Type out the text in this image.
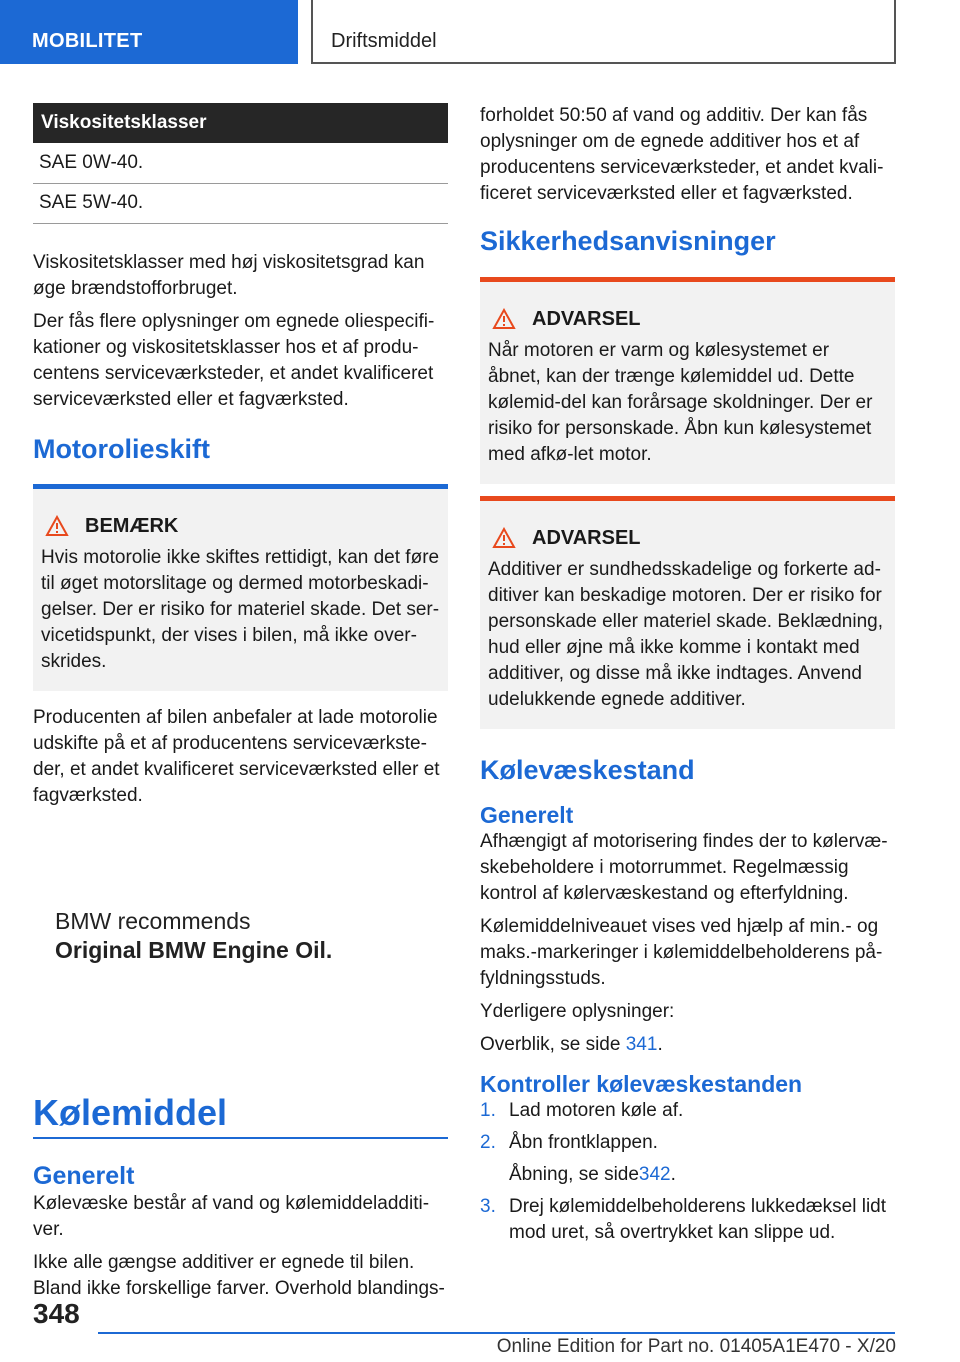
MOBILITET	Driftsmiddel
Viskositetsklasser
SAE 0W-40.
SAE 5W-40.

Viskositetsklasser med høj viskositetsgrad kan øge brændstofforbruget.

Der fås flere oplysninger om egnede oliespecifi-kationer og viskositetsklasser hos et af produ-centens serviceværksteder, et andet kvalificeret serviceværksted eller et fagværksted.

Motorolieskift
BEMÆRK
Hvis motorolie ikke skiftes rettidigt, kan det føre til øget motorslitage og dermed motorbeskadi-gelser. Der er risiko for materiel skade. Det ser-vicetidspunkt, der vises i bilen, må ikke over-skrides.

Producenten af bilen anbefaler at lade motorolie udskifte på et af producentens serviceværkste-der, et andet kvalificeret serviceværksted eller et fagværksted.

BMW recommends
Original BMW Engine Oil.
Kølemiddel
Generelt

Kølevæske består af vand og kølemiddeladditi-ver.

Ikke alle gængse additiver er egnede til bilen. Bland ikke forskellige farver. Overhold blandings-

forholdet 50:50 af vand og additiv. Der kan fås oplysninger om de egnede additiver hos et af producentens serviceværksteder, et andet kvali-ficeret serviceværksted eller et fagværksted.

Sikkerhedsanvisninger
ADVARSEL
Når motoren er varm og kølesystemet er åbnet, kan der trænge kølemiddel ud. Dette kølemid-del kan forårsage skoldninger. Der er risiko for personskade. Åbn kun kølesystemet med afkø-let motor.
ADVARSEL
Additiver er sundhedsskadelige og forkerte ad-ditiver kan beskadige motoren. Der er risiko for personskade eller materiel skade. Beklædning, hud eller øjne må ikke komme i kontakt med additiver, og disse må ikke indtages. Anvend udelukkende egnede additiver.
Kølevæskestand
Generelt

Afhængigt af motorisering findes der to kølervæ-skebeholdere i motorrummet. Regelmæssig kontrol af kølervæskestand og efterfyldning.

Kølemiddelniveauet vises ved hjælp af min.- og maks.-markeringer i kølemiddelbeholderens på-fyldningsstuds.

Yderligere oplysninger:

Overblik, se side 341.

Kontroller kølevæskestanden
1. Lad motoren køle af.
2. Åbn frontklappen.
Åbning, se side342.
3. Drej kølemiddelbeholderens lukkedæksel lidt mod uret, så overtrykket kan slippe ud.
348
Online Edition for Part no. 01405A1E470 - X/20
